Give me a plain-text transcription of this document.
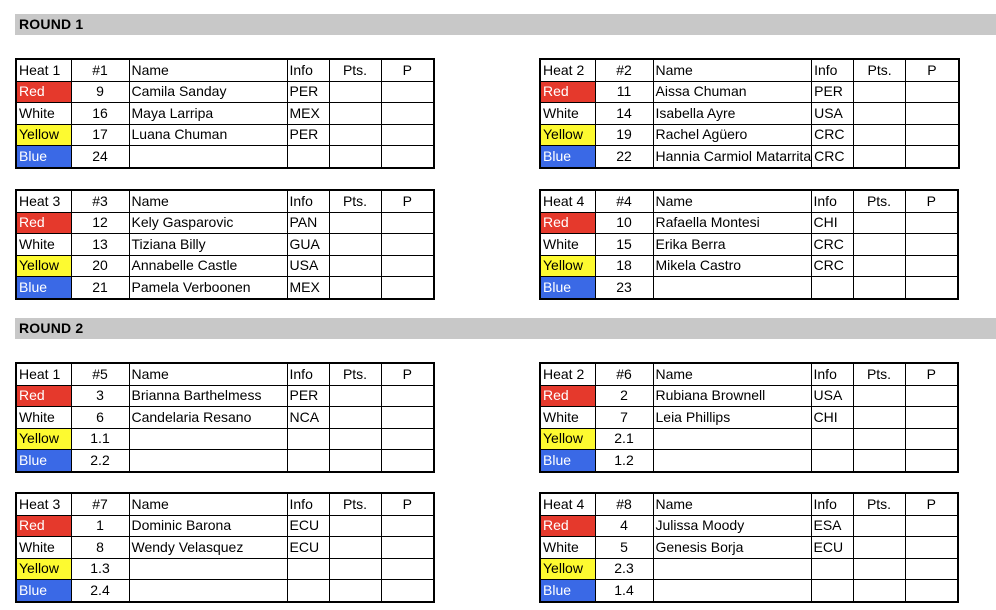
ROUND 1
Heat 1	#1	Name	Info	Pts.	P
Red	9	Camila Sanday	PER		
White	16	Maya Larripa	MEX		
Yellow	17	Luana Chuman	PER		
Blue	24				
Heat 2	#2	Name	Info	Pts.	P
Red	11	Aissa Chuman	PER		
White	14	Isabella Ayre	USA		
Yellow	19	Rachel Agüero	CRC		
Blue	22	Hannia Carmiol Matarrita	CRC		
Heat 3	#3	Name	Info	Pts.	P
Red	12	Kely Gasparovic	PAN		
White	13	Tiziana Billy	GUA		
Yellow	20	Annabelle Castle	USA		
Blue	21	Pamela Verboonen	MEX		
Heat 4	#4	Name	Info	Pts.	P
Red	10	Rafaella Montesi	CHI		
White	15	Erika Berra	CRC		
Yellow	18	Mikela Castro	CRC		
Blue	23				
ROUND 2
Heat 1	#5	Name	Info	Pts.	P
Red	3	Brianna Barthelmess	PER		
White	6	Candelaria Resano	NCA		
Yellow	1.1				
Blue	2.2				
Heat 2	#6	Name	Info	Pts.	P
Red	2	Rubiana Brownell	USA		
White	7	Leia Phillips	CHI		
Yellow	2.1				
Blue	1.2				
Heat 3	#7	Name	Info	Pts.	P
Red	1	Dominic Barona	ECU		
White	8	Wendy Velasquez	ECU		
Yellow	1.3				
Blue	2.4				
Heat 4	#8	Name	Info	Pts.	P
Red	4	Julissa Moody	ESA		
White	5	Genesis Borja	ECU		
Yellow	2.3				
Blue	1.4				
